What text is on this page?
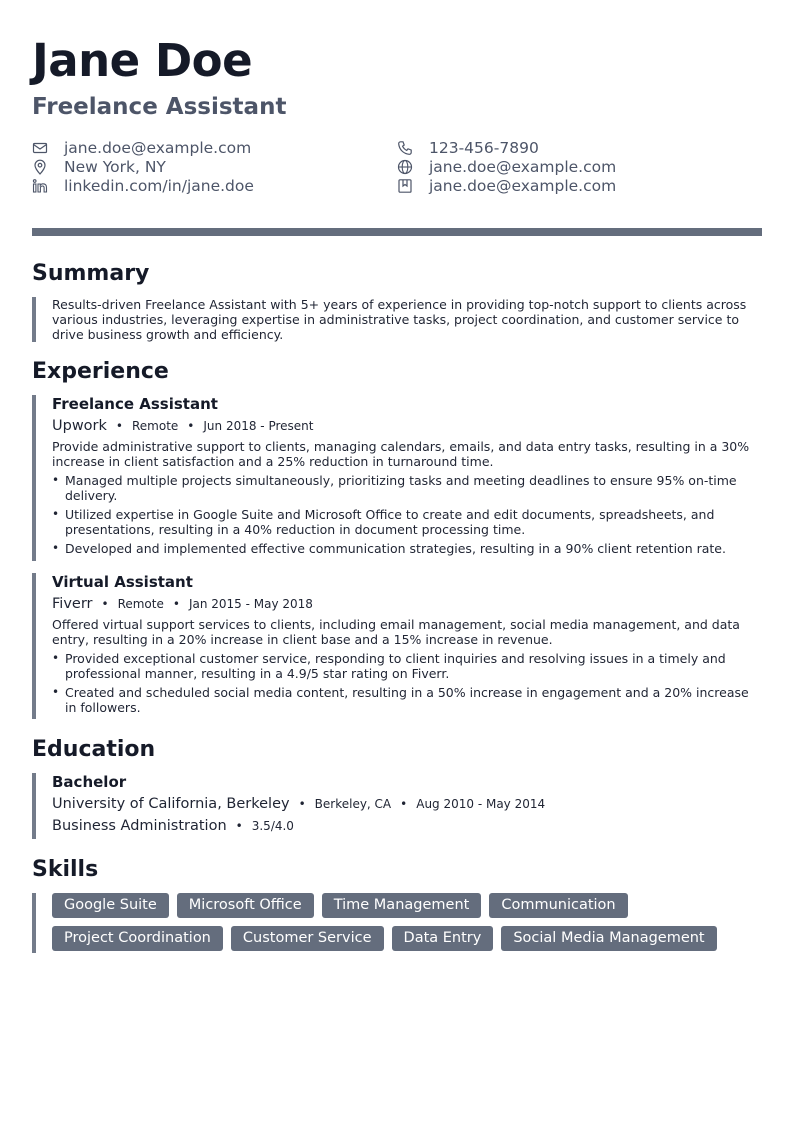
Jane Doe
Freelance Assistant
jane.doe@example.com
New York, NY
linkedin.com/in/jane.doe
123-456-7890
jane.doe@example.com
jane.doe@example.com
Summary

Results-driven Freelance Assistant with 5+ years of experience in providing top-notch support to clients across various industries, leveraging expertise in administrative tasks, project coordination, and customer service to drive business growth and efficiency.

Experience

Freelance Assistant

Upwork • Remote • Jun 2018 - Present

Provide administrative support to clients, managing calendars, emails, and data entry tasks, resulting in a 30% increase in client satisfaction and a 25% reduction in turnaround time.

• Managed multiple projects simultaneously, prioritizing tasks and meeting deadlines to ensure 95% on-time delivery.
• Utilized expertise in Google Suite and Microsoft Office to create and edit documents, spreadsheets, and presentations, resulting in a 40% reduction in document processing time.
• Developed and implemented effective communication strategies, resulting in a 90% client retention rate.

Virtual Assistant

Fiverr • Remote • Jan 2015 - May 2018

Offered virtual support services to clients, including email management, social media management, and data entry, resulting in a 20% increase in client base and a 15% increase in revenue.

• Provided exceptional customer service, responding to client inquiries and resolving issues in a timely and professional manner, resulting in a 4.9/5 star rating on Fiverr.
• Created and scheduled social media content, resulting in a 50% increase in engagement and a 20% increase in followers.
Education

Bachelor

University of California, Berkeley • Berkeley, CA • Aug 2010 - May 2014
Business Administration • 3.5/4.0
Skills
Google Suite	Microsoft Office	Time Management	Communication
Project Coordination	Customer Service	Data Entry	Social Media Management
